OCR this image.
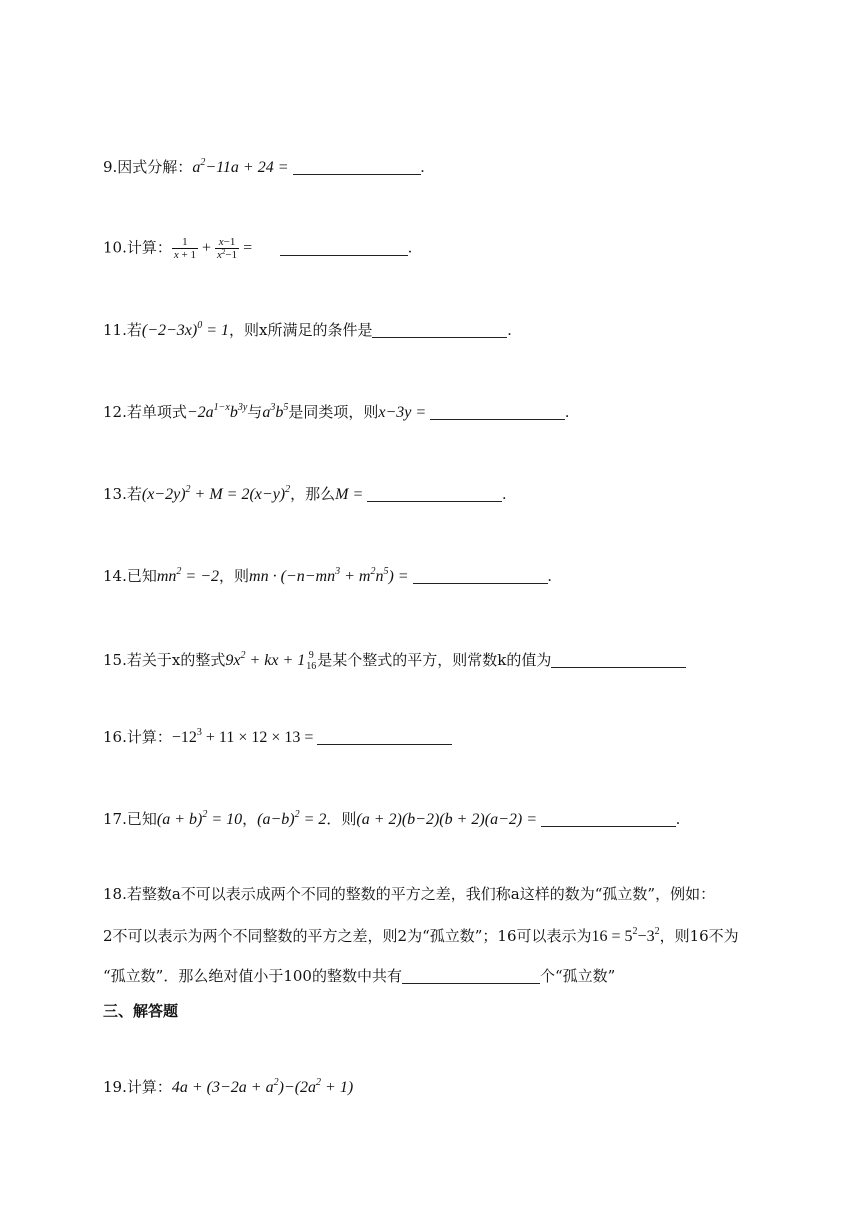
9.因式分解：$a^2-11a + 24$ =	.
10.计算： $\frac{1}{x + 1} + \frac{x-1}{x^2-1}$ =	.
11.若$(-2-3x)^0 = 1$，则x所满足的条件是	.
12.若单项式$-2a^{1-x}b^{3y}$与$a^3b^5$是同类项，则x−3y =	.
13.若$(x-2y)^2 + M = 2(x-y)^2$，那么M =	.
14.已知$mn^2 = -2$，则mn · $(-n-mn^3 + m^2n^5)$ =	.
15.若关于x的整式$9x^2$ + kx + 1 9
16 是某个整式的平方，则常数k的值为
16.计算：$-12^3 + 11 \times 12 \times 13$ =
17.已知$(a + b)^2 = 10$，$(a-b)^2 = 2$．则(a + 2)(b−2)(b + 2)(a−2) =	.
18.若整数a不可以表示成两个不同的整数的平方之差，我们称a这样的数为“孤立数”，例如：
2不可以表示为两个不同整数的平方之差，则2为“孤立数”；16可以表示为$16 = 5^2-3^2$，则16不为
“孤立数”．那么绝对值小于100的整数中共有	个“孤立数”
三、解答题
19.计算：$4a + (3-2a + a^2)-(2a^2 + 1)$
